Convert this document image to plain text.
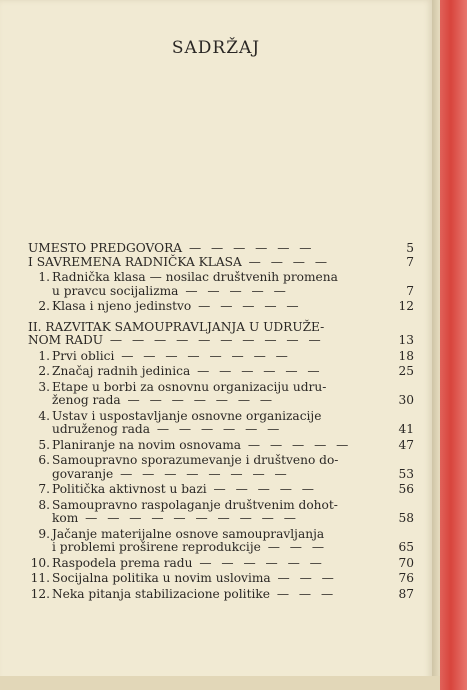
SADRŽAJ
UMESTO PREDGOVORA — — — — — —	5
I SAVREMENA RADNIČKA KLASA — — — —	7
1. Radnička klasa — nosilac društvenih promena
u pravcu socijalizma — — — — —	7
2. Klasa i njeno jedinstvo — — — — —	12
II. RAZVITAK SAMOUPRAVLJANJA U UDRUŽE-
NOM RADU — — — — — — — — — —	13
1. Prvi oblici — — — — — — — —	18
2. Značaj radnih jedinica — — — — — —	25
3. Etape u borbi za osnovnu organizaciju udru-
ženog rada — — — — — — —	30
4. Ustav i uspostavljanje osnovne organizacije
udruženog rada — — — — — —	41
5. Planiranje na novim osnovama — — — — —	47
6. Samoupravno sporazumevanje i društveno do-
govaranje — — — — — — — —	53
7. Politička aktivnost u bazi — — — — —	56
8. Samoupravno raspolaganje društvenim dohot-
kom — — — — — — — — — —	58
9. Jačanje materijalne osnove samoupravljanja
i problemi proširene reprodukcije — — —	65
10. Raspodela prema radu — — — — — —	70
11. Socijalna politika u novim uslovima — — —	76
12. Neka pitanja stabilizacione politike — — —	87
